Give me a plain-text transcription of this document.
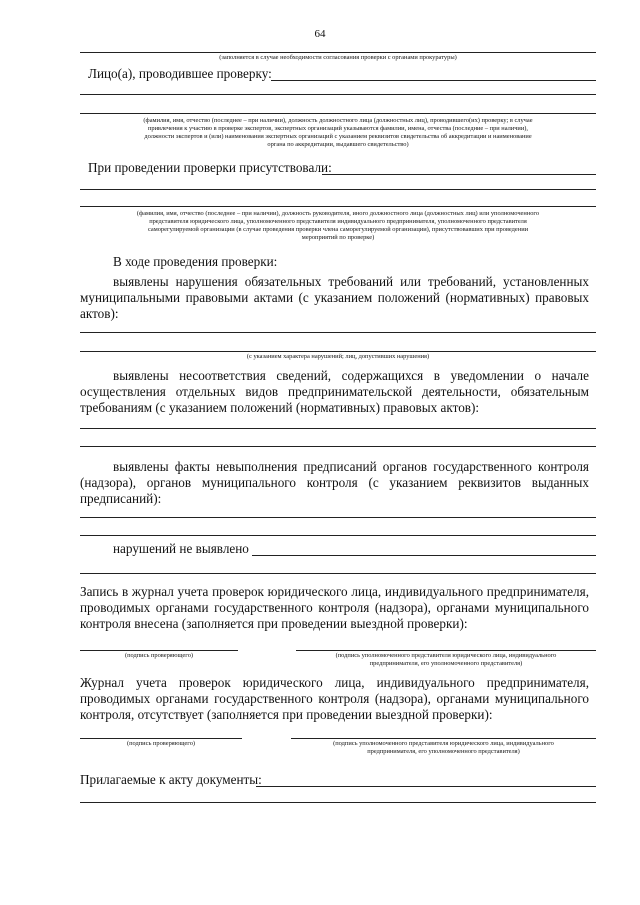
64
(заполняется в случае необходимости согласования проверки с органами прокуратуры)
Лицо(а), проводившее проверку:
(фамилия, имя, отчество (последнее – при наличии), должность должностного лица (должностных лиц), проводившего(их) проверку; в случае
привлечения к участию в проверке экспертов, экспертных организаций указываются фамилии, имена, отчества (последние – при наличии),
должности экспертов и (или) наименования экспертных организаций с указанием реквизитов свидетельства об аккредитации и наименование
органа по аккредитации, выдавшего свидетельство)
При проведении проверки присутствовали:
(фамилия, имя, отчество (последнее – при наличии), должность руководителя, иного должностного лица (должностных лиц) или уполномоченного
представителя юридического лица, уполномоченного представителя индивидуального предпринимателя, уполномоченного представителя
саморегулируемой организации (в случае проведения проверки члена саморегулируемой организации), присутствовавших при проведении
мероприятий по проверке)
В ходе проведения проверки:
выявлены нарушения обязательных требований или требований, установленных
муниципальными правовыми актами (с указанием положений (нормативных) правовых
актов):
(с указанием характера нарушений; лиц, допустивших нарушения)
выявлены несоответствия сведений, содержащихся в уведомлении о начале
осуществления отдельных видов предпринимательской деятельности, обязательным
требованиям (с указанием положений (нормативных) правовых актов):
выявлены факты невыполнения предписаний органов государственного контроля
(надзора), органов муниципального контроля (с указанием реквизитов выданных
предписаний):
нарушений не выявлено
Запись в журнал учета проверок юридического лица, индивидуального предпринимателя,
проводимых органами государственного контроля (надзора), органами муниципального
контроля внесена (заполняется при проведении выездной проверки):
(подпись проверяющего)	(подпись уполномоченного представителя юридического лица, индивидуального
предпринимателя, его уполномоченного представителя)
Журнал учета проверок юридического лица, индивидуального предпринимателя,
проводимых органами государственного контроля (надзора), органами муниципального
контроля, отсутствует (заполняется при проведении выездной проверки):
(подпись проверяющего)	(подпись уполномоченного представителя юридического лица, индивидуального
предпринимателя, его уполномоченного представителя)
Прилагаемые к акту документы:
